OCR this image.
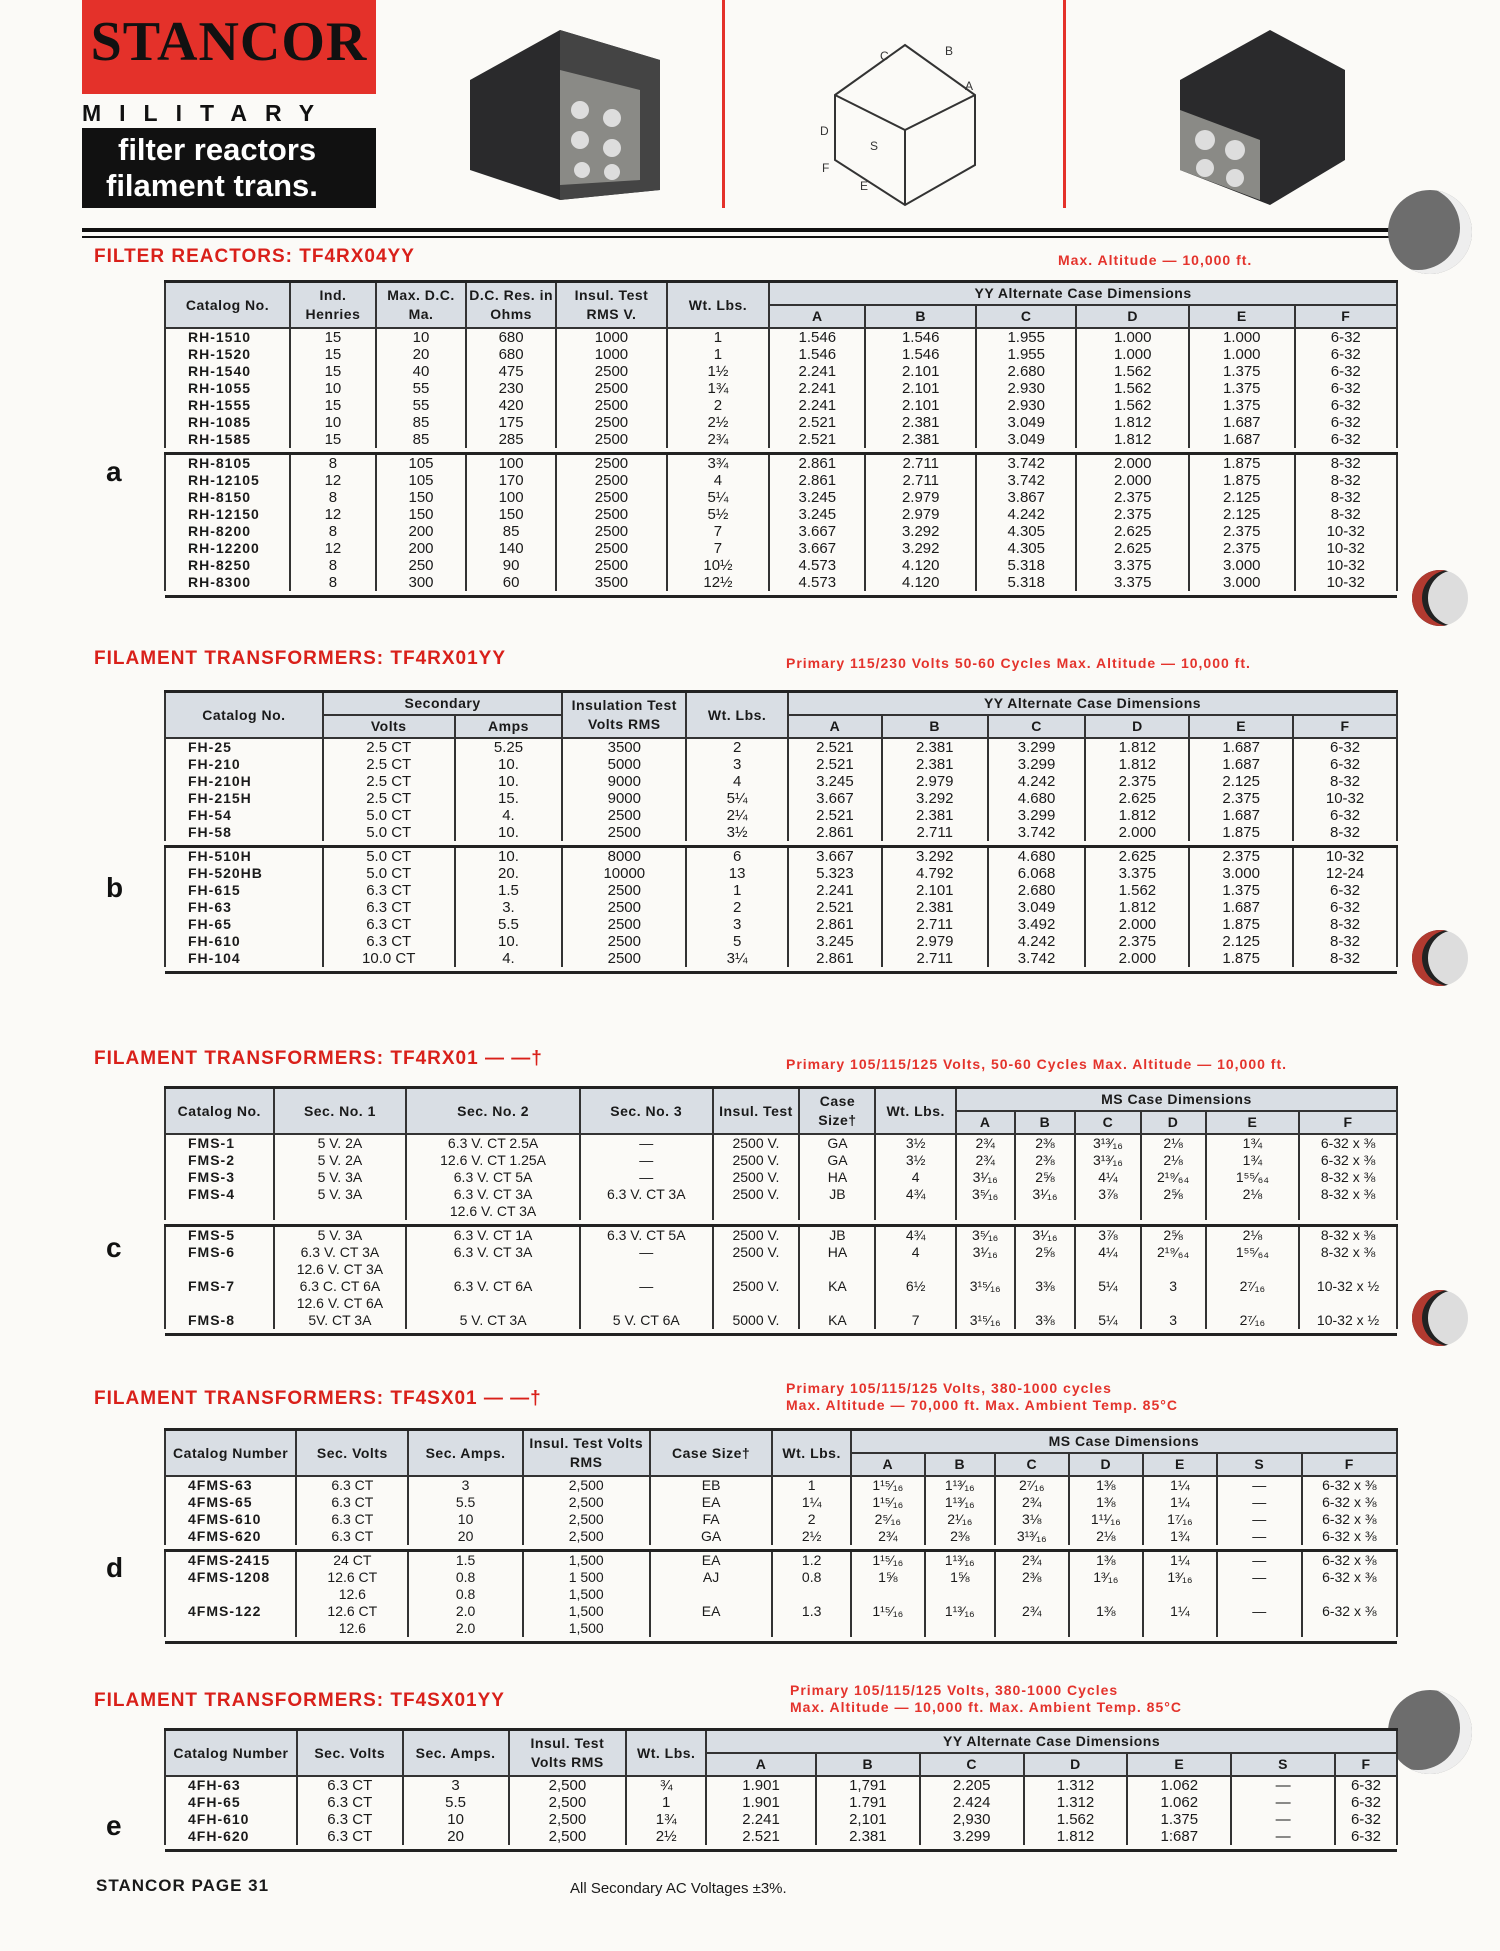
STANCOR
MILITARY
filter reactors
filament trans.
C	B
A
D
S
E
F
FILTER REACTORS: TF4RX04YY	Max. Altitude — 10,000 ft.
a
Catalog No.	Ind. Henries	Max. D.C. Ma.	D.C. Res. in Ohms	Insul. Test RMS V.	Wt. Lbs.	YY Alternate Case Dimensions					
						A	B	C	D	E	F
RH-1510	15	10	680	1000	1	1.546	1.546	1.955	1.000	1.000	6-32
RH-1520	15	20	680	1000	1	1.546	1.546	1.955	1.000	1.000	6-32
RH-1540	15	40	475	2500	1½	2.241	2.101	2.680	1.562	1.375	6-32
RH-1055	10	55	230	2500	1¾	2.241	2.101	2.930	1.562	1.375	6-32
RH-1555	15	55	420	2500	2	2.241	2.101	2.930	1.562	1.375	6-32
RH-1085	10	85	175	2500	2½	2.521	2.381	3.049	1.812	1.687	6-32
RH-1585	15	85	285	2500	2¾	2.521	2.381	3.049	1.812	1.687	6-32

RH-8105	8	105	100	2500	3¾	2.861	2.711	3.742	2.000	1.875	8-32
RH-12105	12	105	170	2500	4	2.861	2.711	3.742	2.000	1.875	8-32
RH-8150	8	150	100	2500	5¼	3.245	2.979	3.867	2.375	2.125	8-32
RH-12150	12	150	150	2500	5½	3.245	2.979	4.242	2.375	2.125	8-32
RH-8200	8	200	85	2500	7	3.667	3.292	4.305	2.625	2.375	10-32
RH-12200	12	200	140	2500	7	3.667	3.292	4.305	2.625	2.375	10-32
RH-8250	8	250	90	2500	10½	4.573	4.120	5.318	3.375	3.000	10-32
RH-8300	8	300	60	3500	12½	4.573	4.120	5.318	3.375	3.000	10-32

FILAMENT TRANSFORMERS: TF4RX01YY	Primary 115/230 Volts 50-60 Cycles Max. Altitude — 10,000 ft.
b
Catalog No.	Secondary		Insulation Test Volts RMS	Wt. Lbs.	YY Alternate Case Dimensions					
	Volts	Amps			A	B	C	D	E	F
FH-25	2.5 CT	5.25	3500	2	2.521	2.381	3.299	1.812	1.687	6-32
FH-210	2.5 CT	10.	5000	3	2.521	2.381	3.299	1.812	1.687	6-32
FH-210H	2.5 CT	10.	9000	4	3.245	2.979	4.242	2.375	2.125	8-32
FH-215H	2.5 CT	15.	9000	5¼	3.667	3.292	4.680	2.625	2.375	10-32
FH-54	5.0 CT	4.	2500	2¼	2.521	2.381	3.299	1.812	1.687	6-32
FH-58	5.0 CT	10.	2500	3½	2.861	2.711	3.742	2.000	1.875	8-32

FH-510H	5.0 CT	10.	8000	6	3.667	3.292	4.680	2.625	2.375	10-32
FH-520HB	5.0 CT	20.	10000	13	5.323	4.792	6.068	3.375	3.000	12-24
FH-615	6.3 CT	1.5	2500	1	2.241	2.101	2.680	1.562	1.375	6-32
FH-63	6.3 CT	3.	2500	2	2.521	2.381	3.049	1.812	1.687	6-32
FH-65	6.3 CT	5.5	2500	3	2.861	2.711	3.492	2.000	1.875	8-32
FH-610	6.3 CT	10.	2500	5	3.245	2.979	4.242	2.375	2.125	8-32
FH-104	10.0 CT	4.	2500	3¼	2.861	2.711	3.742	2.000	1.875	8-32

FILAMENT TRANSFORMERS: TF4RX01 — —†	Primary 105/115/125 Volts, 50-60 Cycles Max. Altitude — 10,000 ft.
c
Catalog No.	Sec. No. 1	Sec. No. 2	Sec. No. 3	Insul. Test	Case Size†	Wt. Lbs.	MS Case Dimensions					
							A	B	C	D	E	F
FMS-1	5 V. 2A	6.3 V. CT 2.5A	—	2500 V.	GA	3½	2¾	2⅜	3¹³⁄₁₆	2⅛	1¾	6-32 x ⅜
FMS-2	5 V. 2A	12.6 V. CT 1.25A	—	2500 V.	GA	3½	2¾	2⅜	3¹³⁄₁₆	2⅛	1¾	6-32 x ⅜
FMS-3	5 V. 3A	6.3 V. CT 5A	—	2500 V.	HA	4	3¹⁄₁₆	2⅝	4¼	2¹⁹⁄₆₄	1⁵⁵⁄₆₄	8-32 x ⅜
FMS-4	5 V. 3A	6.3 V. CT 3A	6.3 V. CT 3A	2500 V.	JB	4¾	3⁵⁄₁₆	3¹⁄₁₆	3⅞	2⅝	2⅛	8-32 x ⅜
		12.6 V. CT 3A										

FMS-5	5 V. 3A	6.3 V. CT 1A	6.3 V. CT 5A	2500 V.	JB	4¾	3⁵⁄₁₆	3¹⁄₁₆	3⅞	2⅝	2⅛	8-32 x ⅜
FMS-6	6.3 V. CT 3A	6.3 V. CT 3A	—	2500 V.	HA	4	3¹⁄₁₆	2⅝	4¼	2¹⁹⁄₆₄	1⁵⁵⁄₆₄	8-32 x ⅜
	12.6 V. CT 3A											
FMS-7	6.3 C. CT 6A	6.3 V. CT 6A	—	2500 V.	KA	6½	3¹⁵⁄₁₆	3⅜	5¼	3	2⁷⁄₁₆	10-32 x ½
	12.6 V. CT 6A											
FMS-8	5V. CT 3A	5 V. CT 3A	5 V. CT 6A	5000 V.	KA	7	3¹⁵⁄₁₆	3⅜	5¼	3	2⁷⁄₁₆	10-32 x ½

FILAMENT TRANSFORMERS: TF4SX01 — —†	Primary 105/115/125 Volts, 380-1000 cycles
Max. Altitude — 70,000 ft. Max. Ambient Temp. 85°C
d
Catalog Number	Sec. Volts	Sec. Amps.	Insul. Test Volts RMS	Case Size†	Wt. Lbs.	MS Case Dimensions						
						A	B	C	D	E	S	F
4FMS-63	6.3 CT	3	2,500	EB	1	1¹⁵⁄₁₆	1¹³⁄₁₆	2⁷⁄₁₆	1⅜	1¼	—	6-32 x ⅜
4FMS-65	6.3 CT	5.5	2,500	EA	1¼	1¹⁵⁄₁₆	1¹³⁄₁₆	2¾	1⅜	1¼	—	6-32 x ⅜
4FMS-610	6.3 CT	10	2,500	FA	2	2⁵⁄₁₆	2¹⁄₁₆	3⅛	1¹¹⁄₁₆	1⁷⁄₁₆	—	6-32 x ⅜
4FMS-620	6.3 CT	20	2,500	GA	2½	2¾	2⅜	3¹³⁄₁₆	2⅛	1¾	—	6-32 x ⅜

4FMS-2415	24 CT	1.5	1,500	EA	1.2	1¹⁵⁄₁₆	1¹³⁄₁₆	2¾	1⅜	1¼	—	6-32 x ⅜
4FMS-1208	12.6 CT	0.8	1 500	AJ	0.8	1⅝	1⅝	2⅜	1³⁄₁₆	1³⁄₁₆	—	6-32 x ⅜
	12.6	0.8	1,500									
4FMS-122	12.6 CT	2.0	1,500	EA	1.3	1¹⁵⁄₁₆	1¹³⁄₁₆	2¾	1⅜	1¼	—	6-32 x ⅜
	12.6	2.0	1,500									

FILAMENT TRANSFORMERS: TF4SX01YY	Primary 105/115/125 Volts, 380-1000 Cycles
Max. Altitude — 10,000 ft. Max. Ambient Temp. 85°C
e
Catalog Number	Sec. Volts	Sec. Amps.	Insul. Test Volts RMS	Wt. Lbs.	YY Alternate Case Dimensions						
					A	B	C	D	E	S	F
4FH-63	6.3 CT	3	2,500	¾	1.901	1,791	2.205	1.312	1.062	—	6-32
4FH-65	6.3 CT	5.5	2,500	1	1.901	1.791	2.424	1.312	1.062	—	6-32
4FH-610	6.3 CT	10	2,500	1¾	2.241	2,101	2,930	1.562	1.375	—	6-32
4FH-620	6.3 CT	20	2,500	2½	2.521	2.381	3.299	1.812	1:687	—	6-32

STANCOR PAGE 31	All Secondary AC Voltages ±3%.
